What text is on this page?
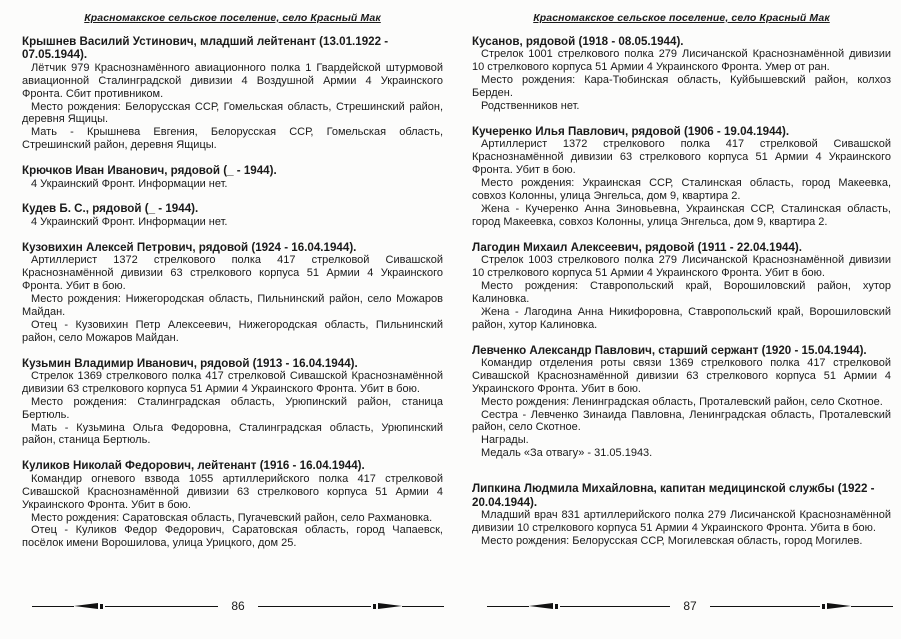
Красномакское сельское поселение, село Красный Мак
Крышнев Василий Устинович, младший лейтенант (13.01.1922 - 07.05.1944).

Лётчик 979 Краснознамённого авиационного полка 1 Гвардейской штурмовой авиационной Сталинградской дивизии 4 Воздушной Армии 4 Украинского Фронта. Сбит противником.

Место рождения: Белорусская ССР, Гомельская область, Стрешинский район, деревня Ящицы.

Мать - Крышнева Евгения, Белорусская ССР, Гомельская область, Стрешинский район, деревня Ящицы.

Крючков Иван Иванович, рядовой (_ - 1944).

4 Украинский Фронт. Информации нет.

Кудев Б. С., рядовой (_ - 1944).

4 Украинский Фронт. Информации нет.

Кузовихин Алексей Петрович, рядовой (1924 - 16.04.1944).

Артиллерист 1372 стрелкового полка 417 стрелковой Сивашской Краснознамённой дивизии 63 стрелкового корпуса 51 Армии 4 Украинского Фронта. Убит в бою.

Место рождения: Нижегородская область, Пильнинский район, село Можаров Майдан.

Отец - Кузовихин Петр Алексеевич, Нижегородская область, Пильнинский район, село Можаров Майдан.

Кузьмин Владимир Иванович, рядовой (1913 - 16.04.1944).

Стрелок 1369 стрелкового полка 417 стрелковой Сивашской Краснознамённой дивизии 63 стрелкового корпуса 51 Армии 4 Украинского Фронта. Убит в бою.

Место рождения: Сталинградская область, Урюпинский район, станица Бертюль.

Мать - Кузьмина Ольга Федоровна, Сталинградская область, Урюпинский район, станица Бертюль.

Куликов Николай Федорович, лейтенант (1916 - 16.04.1944).

Командир огневого взвода 1055 артиллерийского полка 417 стрелковой Сивашской Краснознамённой дивизии 63 стрелкового корпуса 51 Армии 4 Украинского Фронта. Убит в бою.

Место рождения: Саратовская область, Пугачевский район, село Рахмановка.

Отец - Куликов Федор Федорович, Саратовская область, город Чапаевск, посёлок имени Ворошилова, улица Урицкого, дом 25.

Красномакское сельское поселение, село Красный Мак
Кусанов, рядовой (1918 - 08.05.1944).

Стрелок 1001 стрелкового полка 279 Лисичанской Краснознамённой дивизии 10 стрелкового корпуса 51 Армии 4 Украинского Фронта. Умер от ран.

Место рождения: Кара-Тюбинская область, Куйбышевский район, колхоз Берден.

Родственников нет.

Кучеренко Илья Павлович, рядовой (1906 - 19.04.1944).

Артиллерист 1372 стрелкового полка 417 стрелковой Сивашской Краснознамённой дивизии 63 стрелкового корпуса 51 Армии 4 Украинского Фронта. Убит в бою.

Место рождения: Украинская ССР, Сталинская область, город Макеевка, совхоз Колонны, улица Энгельса, дом 9, квартира 2.

Жена - Кучеренко Анна Зиновьевна, Украинская ССР, Сталинская область, город Макеевка, совхоз Колонны, улица Энгельса, дом 9, квартира 2.

Лагодин Михаил Алексеевич, рядовой (1911 - 22.04.1944).

Стрелок 1003 стрелкового полка 279 Лисичанской Краснознамённой дивизии 10 стрелкового корпуса 51 Армии 4 Украинского Фронта. Убит в бою.

Место рождения: Ставропольский край, Ворошиловский район, хутор Калиновка.

Жена - Лагодина Анна Никифоровна, Ставропольский край, Ворошиловский район, хутор Калиновка.

Левченко Александр Павлович, старший сержант (1920 - 15.04.1944).

Командир отделения роты связи 1369 стрелкового полка 417 стрелковой Сивашской Краснознамённой дивизии 63 стрелкового корпуса 51 Армии 4 Украинского Фронта. Убит в бою.

Место рождения: Ленинградская область, Проталевский район, село Скотное.

Сестра - Левченко Зинаида Павловна, Ленинградская область, Проталевский район, село Скотное.

Награды.

Медаль «За отвагу» - 31.05.1943.

Липкина Людмила Михайловна, капитан медицинской службы (1922 - 20.04.1944).

Младший врач 831 артиллерийского полка 279 Лисичанской Краснознамённой дивизии 10 стрелкового корпуса 51 Армии 4 Украинского Фронта. Убита в бою.

Место рождения: Белорусская ССР, Могилевская область, город Могилев.

86	87
